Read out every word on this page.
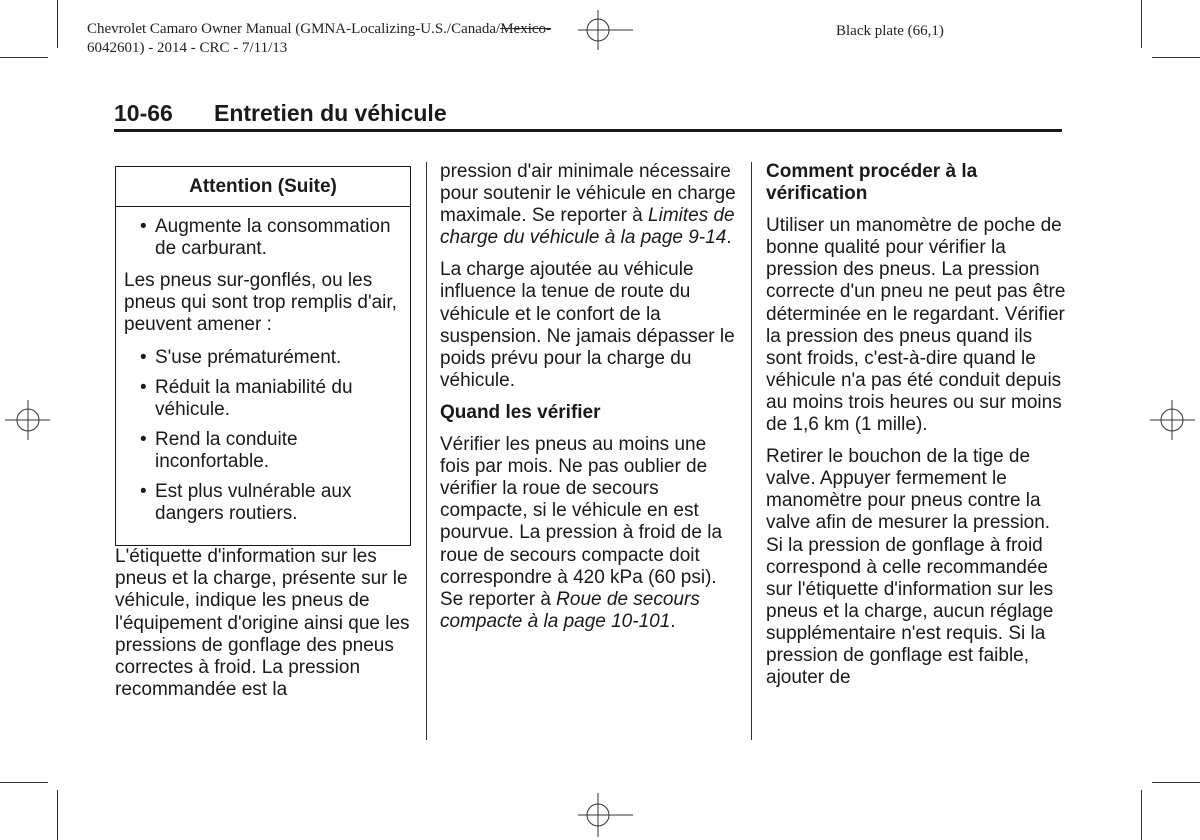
Chevrolet Camaro Owner Manual (GMNA-Localizing-U.S./Canada/Mexico-
6042601) - 2014 - CRC - 7/11/13
Black plate (66,1)
10-66 Entretien du véhicule
Attention (Suite)
• Augmente la consommation de carburant.

Les pneus sur-gonflés, ou les pneus qui sont trop remplis d'air, peuvent amener :

• S'use prématurément.
• Réduit la maniabilité du véhicule.
• Rend la conduite inconfortable.
• Est plus vulnérable aux dangers routiers.

L'étiquette d'information sur les pneus et la charge, présente sur le véhicule, indique les pneus de l'équipement d'origine ainsi que les pressions de gonflage des pneus correctes à froid. La pression recommandée est la

pression d'air minimale nécessaire pour soutenir le véhicule en charge maximale. Se reporter à Limites de charge du véhicule à la page 9-14.

La charge ajoutée au véhicule influence la tenue de route du véhicule et le confort de la suspension. Ne jamais dépasser le poids prévu pour la charge du véhicule.

Quand les vérifier

Vérifier les pneus au moins une fois par mois. Ne pas oublier de vérifier la roue de secours compacte, si le véhicule en est pourvue. La pression à froid de la roue de secours compacte doit correspondre à 420 kPa (60 psi). Se reporter à Roue de secours compacte à la page 10-101.

Comment procéder à la vérification

Utiliser un manomètre de poche de bonne qualité pour vérifier la pression des pneus. La pression correcte d'un pneu ne peut pas être déterminée en le regardant. Vérifier la pression des pneus quand ils sont froids, c'est-à-dire quand le véhicule n'a pas été conduit depuis au moins trois heures ou sur moins de 1,6 km (1 mille).

Retirer le bouchon de la tige de valve. Appuyer fermement le manomètre pour pneus contre la valve afin de mesurer la pression. Si la pression de gonflage à froid correspond à celle recommandée sur l'étiquette d'information sur les pneus et la charge, aucun réglage supplémentaire n'est requis. Si la pression de gonflage est faible, ajouter de
